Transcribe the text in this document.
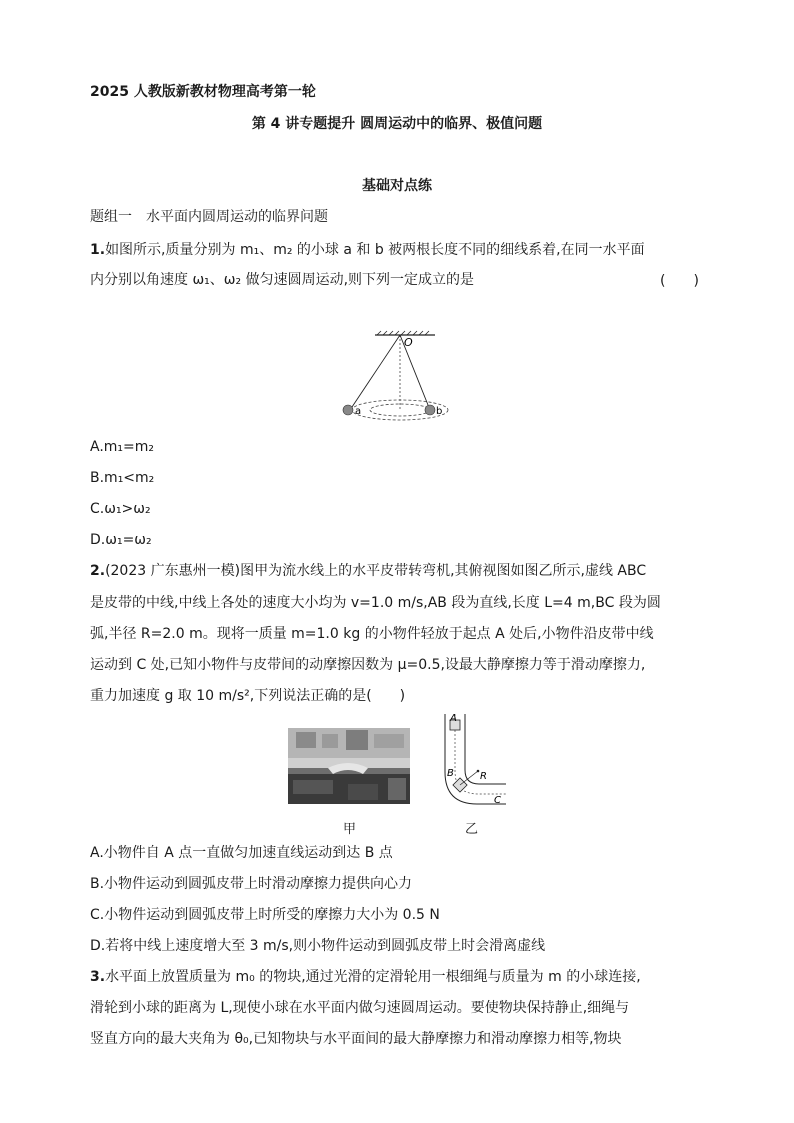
2025 人教版新教材物理高考第一轮
第 4 讲专题提升 圆周运动中的临界、极值问题
基础对点练
题组一　水平面内圆周运动的临界问题
1.如图所示,质量分别为 m₁、m₂ 的小球 a 和 b 被两根长度不同的细线系着,在同一水平面
内分别以角速度 ω₁、ω₂ 做匀速圆周运动,则下列一定成立的是	(　　)
O
a	b
A.m₁=m₂
B.m₁<m₂
C.ω₁>ω₂
D.ω₁=ω₂
2.(2023 广东惠州一模)图甲为流水线上的水平皮带转弯机,其俯视图如图乙所示,虚线 ABC
是皮带的中线,中线上各处的速度大小均为 v=1.0 m/s,AB 段为直线,长度 L=4 m,BC 段为圆
弧,半径 R=2.0 m。现将一质量 m=1.0 kg 的小物件轻放于起点 A 处后,小物件沿皮带中线
运动到 C 处,已知小物件与皮带间的动摩擦因数为 μ=0.5,设最大静摩擦力等于滑动摩擦力,
重力加速度 g 取 10 m/s²,下列说法正确的是(　　)
甲
A
B	R
C
乙
A.小物件自 A 点一直做匀加速直线运动到达 B 点
B.小物件运动到圆弧皮带上时滑动摩擦力提供向心力
C.小物件运动到圆弧皮带上时所受的摩擦力大小为 0.5 N
D.若将中线上速度增大至 3 m/s,则小物件运动到圆弧皮带上时会滑离虚线
3.水平面上放置质量为 m₀ 的物块,通过光滑的定滑轮用一根细绳与质量为 m 的小球连接,
滑轮到小球的距离为 L,现使小球在水平面内做匀速圆周运动。要使物块保持静止,细绳与
竖直方向的最大夹角为 θ₀,已知物块与水平面间的最大静摩擦力和滑动摩擦力相等,物块
